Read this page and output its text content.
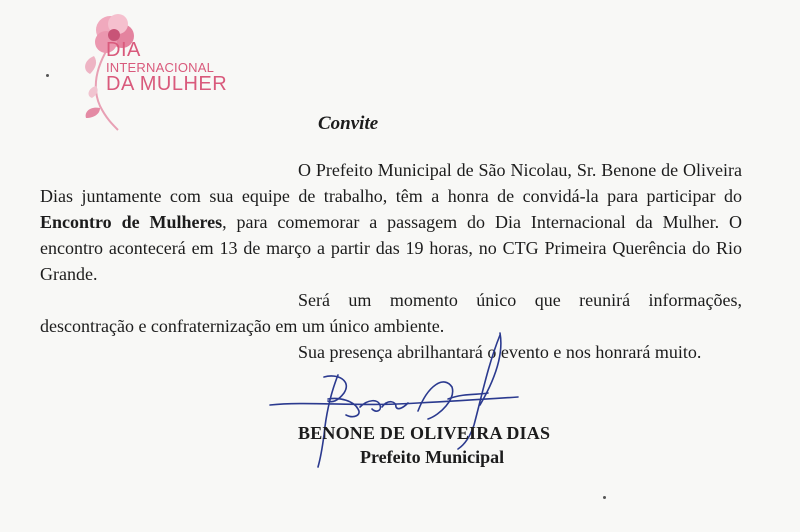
DIA
INTERNACIONAL
DA MULHER
Convite

O Prefeito Municipal de São Nicolau, Sr. Benone de Oliveira Dias juntamente com sua equipe de trabalho, têm a honra de convidá-la para participar do Encontro de Mulheres, para comemorar a passagem do Dia Internacional da Mulher. O encontro acontecerá em 13 de março a partir das 19 horas, no CTG Primeira Querência do Rio Grande.

Será um momento único que reunirá informações, descontração e confraternização em um único ambiente.

Sua presença abrilhantará o evento e nos honrará muito.

BENONE DE OLIVEIRA DIAS
Prefeito Municipal
